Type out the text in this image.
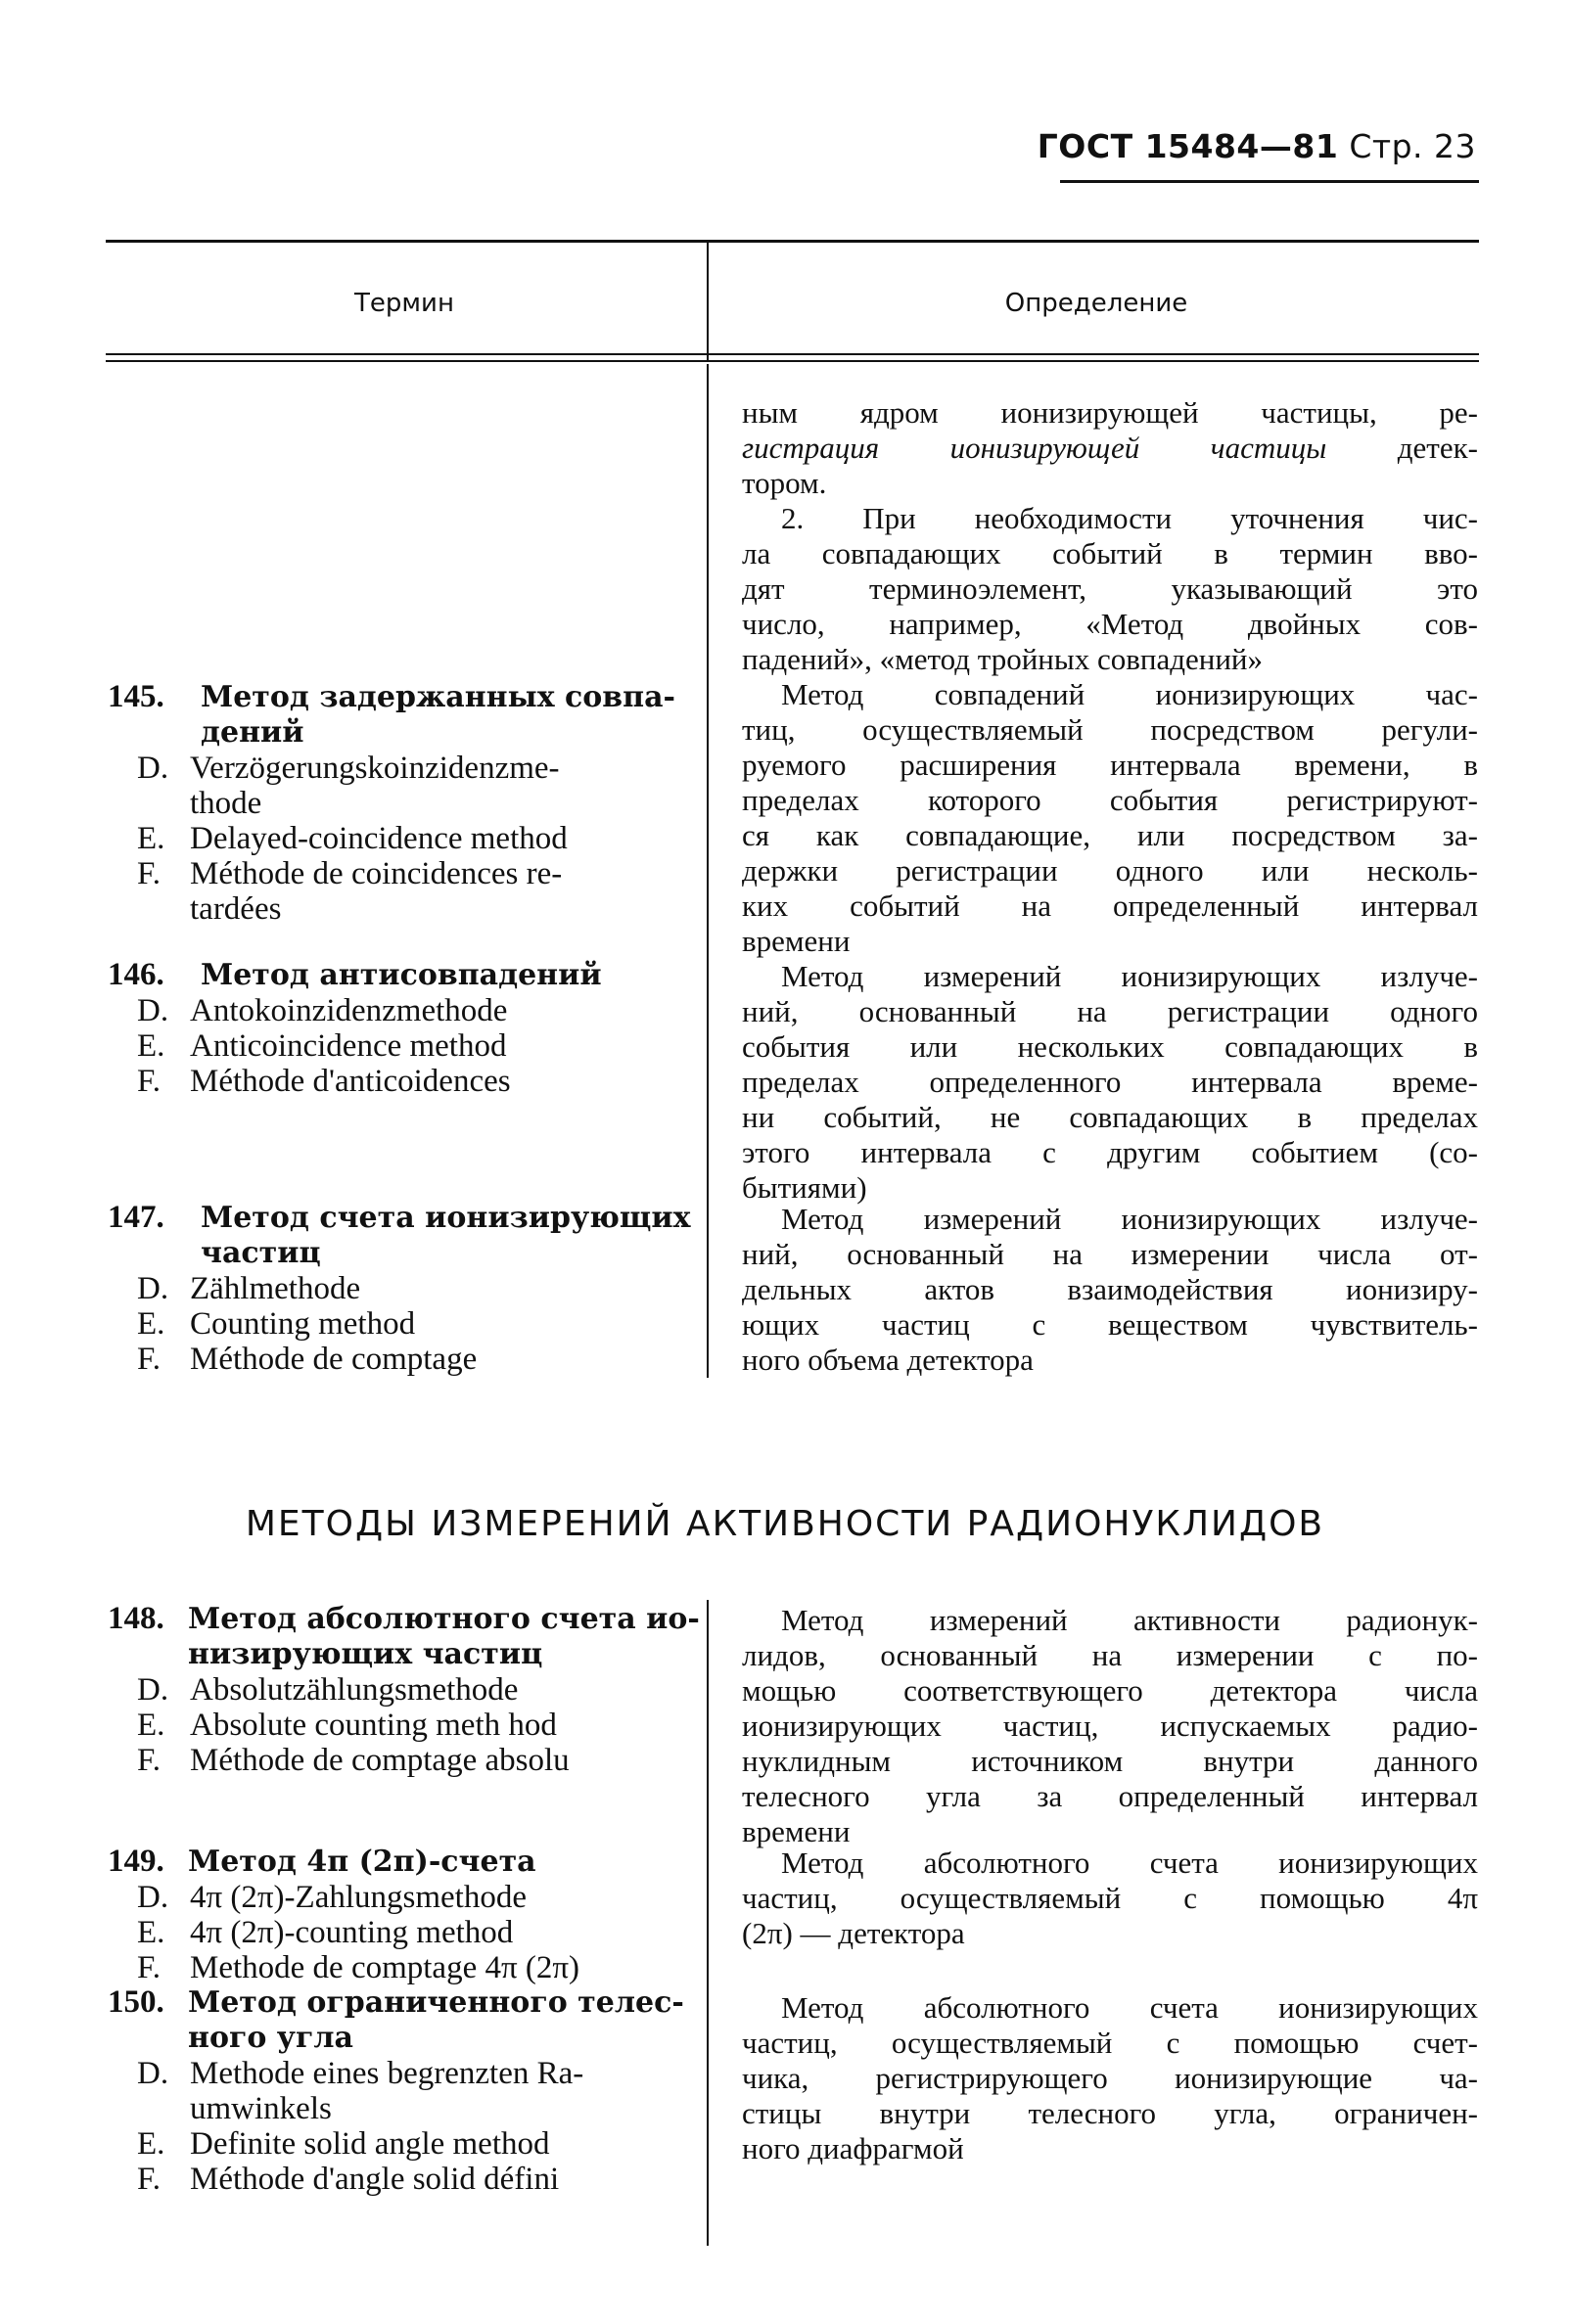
ГОСТ 15484—81 Стр. 23
Термин	Определение
ным ядром ионизирующей частицы, ре-
гистрация ионизирующей частицы детек-
тором.
2. При необходимости уточнения чис-
ла совпадающих событий в термин вво-
дят терминоэлемент, указывающий это
число, например, «Метод двойных сов-
падений», «метод тройных совпадений»
145. Метод задержанных совпа-
дений
D. Verzögerungskoinzidenzme-
thode
E. Delayed-coincidence method
F. Méthode de coincidences re-
tardées
Метод совпадений ионизирующих час-
тиц, осуществляемый посредством регули-
руемого расширения интервала времени, в
пределах которого события регистрируют-
ся как совпадающие, или посредством за-
держки регистрации одного или несколь-
ких событий на определенный интервал
времени
146. Метод антисовпадений
D. Antokoinzidenzmethode
E. Anticoincidence method
F. Méthode d'anticoidences
Метод измерений ионизирующих излуче-
ний, основанный на регистрации одного
события или нескольких совпадающих в
пределах определенного интервала време-
ни событий, не совпадающих в пределах
этого интервала с другим событием (со-
бытиями)
147. Метод счета ионизирующих
частиц
D. Zählmethode
E. Counting method
F. Méthode de comptage
Метод измерений ионизирующих излуче-
ний, основанный на измерении числа от-
дельных актов взаимодействия ионизиру-
ющих частиц с веществом чувствитель-
ного объема детектора
МЕТОДЫ ИЗМЕРЕНИЙ АКТИВНОСТИ РАДИОНУКЛИДОВ
148. Метод абсолютного счета ио-
низирующих частиц
D. Absolutzählungsmethode
E. Absolute counting meth hod
F. Méthode de comptage absolu
Метод измерений активности радионук-
лидов, основанный на измерении с по-
мощью соответствующего детектора числа
ионизирующих частиц, испускаемых радио-
нуклидным источником внутри данного
телесного угла за определенный интервал
времени
149. Метод 4π (2π)-счета
D. 4π (2π)-Zahlungsmethode
E. 4π (2π)-counting method
F. Methode de comptage 4π (2π)
Метод абсолютного счета ионизирующих
частиц, осуществляемый с помощью 4π
(2π) — детектора
150. Метод ограниченного телес-
ного угла
D. Methode eines begrenzten Ra-
umwinkels
E. Definite solid angle method
F. Méthode d'angle solid défini
Метод абсолютного счета ионизирующих
частиц, осуществляемый с помощью счет-
чика, регистрирующего ионизирующие ча-
стицы внутри телесного угла, ограничен-
ного диафрагмой
